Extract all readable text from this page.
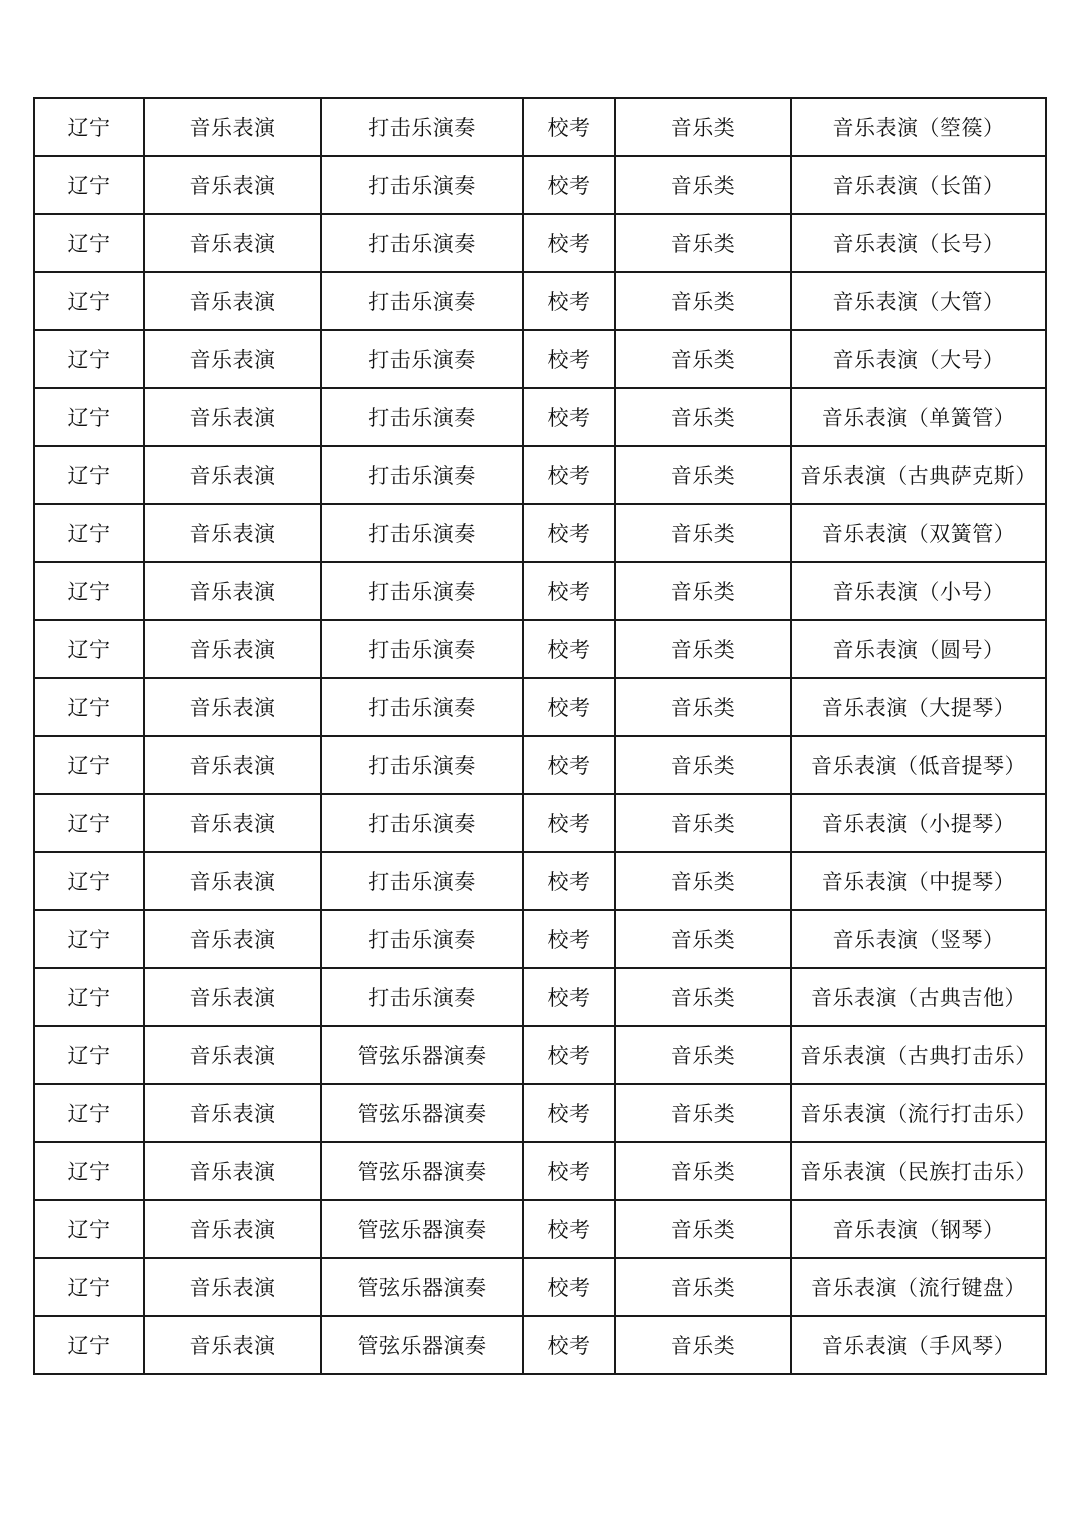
辽宁	音乐表演	打击乐演奏	校考	音乐类	音乐表演（箜篌）
辽宁	音乐表演	打击乐演奏	校考	音乐类	音乐表演（长笛）
辽宁	音乐表演	打击乐演奏	校考	音乐类	音乐表演（长号）
辽宁	音乐表演	打击乐演奏	校考	音乐类	音乐表演（大管）
辽宁	音乐表演	打击乐演奏	校考	音乐类	音乐表演（大号）
辽宁	音乐表演	打击乐演奏	校考	音乐类	音乐表演（单簧管）
辽宁	音乐表演	打击乐演奏	校考	音乐类	音乐表演（古典萨克斯）
辽宁	音乐表演	打击乐演奏	校考	音乐类	音乐表演（双簧管）
辽宁	音乐表演	打击乐演奏	校考	音乐类	音乐表演（小号）
辽宁	音乐表演	打击乐演奏	校考	音乐类	音乐表演（圆号）
辽宁	音乐表演	打击乐演奏	校考	音乐类	音乐表演（大提琴）
辽宁	音乐表演	打击乐演奏	校考	音乐类	音乐表演（低音提琴）
辽宁	音乐表演	打击乐演奏	校考	音乐类	音乐表演（小提琴）
辽宁	音乐表演	打击乐演奏	校考	音乐类	音乐表演（中提琴）
辽宁	音乐表演	打击乐演奏	校考	音乐类	音乐表演（竖琴）
辽宁	音乐表演	打击乐演奏	校考	音乐类	音乐表演（古典吉他）
辽宁	音乐表演	管弦乐器演奏	校考	音乐类	音乐表演（古典打击乐）
辽宁	音乐表演	管弦乐器演奏	校考	音乐类	音乐表演（流行打击乐）
辽宁	音乐表演	管弦乐器演奏	校考	音乐类	音乐表演（民族打击乐）
辽宁	音乐表演	管弦乐器演奏	校考	音乐类	音乐表演（钢琴）
辽宁	音乐表演	管弦乐器演奏	校考	音乐类	音乐表演（流行键盘）
辽宁	音乐表演	管弦乐器演奏	校考	音乐类	音乐表演（手风琴）
